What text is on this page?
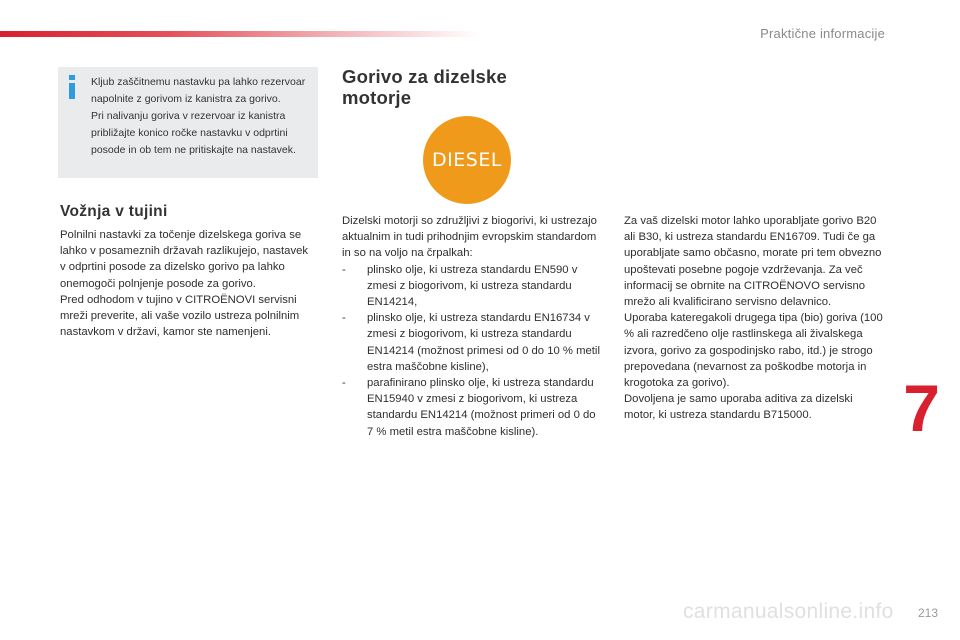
Praktične informacije

Kljub zaščitnemu nastavku pa lahko rezervoar napolnite z gorivom iz kanistra za gorivo.

Pri nalivanju goriva v rezervoar iz kanistra približajte konico ročke nastavku v odprtini posode in ob tem ne pritiskajte na nastavek.

Vožnja v tujini

Polnilni nastavki za točenje dizelskega goriva se lahko v posameznih državah razlikujejo, nastavek v odprtini posode za dizelsko gorivo pa lahko onemogoči polnjenje posode za gorivo.

Pred odhodom v tujino v CITROËNOVI servisni mreži preverite, ali vaše vozilo ustreza polnilnim nastavkom v državi, kamor ste namenjeni.

Gorivo za dizelske motorje
DIESEL

Dizelski motorji so združljivi z biogorivi, ki ustrezajo aktualnim in tudi prihodnjim evropskim standardom in so na voljo na črpalkah:

- plinsko olje, ki ustreza standardu EN590 v zmesi z biogorivom, ki ustreza standardu EN14214,
- plinsko olje, ki ustreza standardu EN16734 v zmesi z biogorivom, ki ustreza standardu EN14214 (možnost primesi od 0 do 10 % metil estra maščobne kisline),
- parafinirano plinsko olje, ki ustreza standardu EN15940 v zmesi z biogorivom, ki ustreza standardu EN14214 (možnost primeri od 0 do 7 % metil estra maščobne kisline).

Za vaš dizelski motor lahko uporabljate gorivo B20 ali B30, ki ustreza standardu EN16709. Tudi če ga uporabljate samo občasno, morate pri tem obvezno upoštevati posebne pogoje vzdrževanja. Za več informacij se obrnite na CITROËNOVO servisno mrežo ali kvalificirano servisno delavnico.

Uporaba kateregakoli drugega tipa (bio) goriva (100 % ali razredčeno olje rastlinskega ali živalskega izvora, gorivo za gospodinjsko rabo, itd.) je strogo prepovedana (nevarnost za poškodbe motorja in krogotoka za gorivo).

Dovoljena je samo uporaba aditiva za dizelski motor, ki ustreza standardu B715000.	7
carmanualsonline.info 213
